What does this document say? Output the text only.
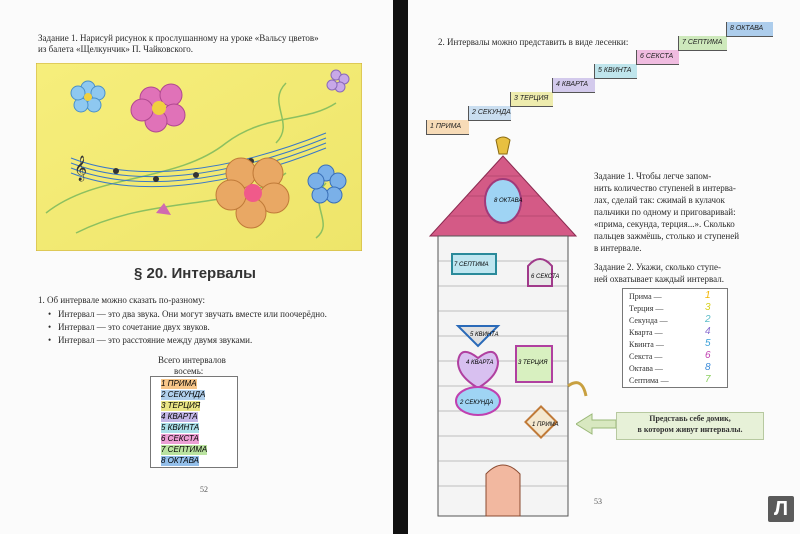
Задание 1. Нарисуй рисунок к прослушанному на уроке «Вальсу цветов»
из балета «Щелкунчик» П. Чайковского.
𝄞
§ 20. Интервалы
1. Об интервале можно сказать по-разному:
• Интервал — это два звука. Они могут звучать вместе или поочерёдно.
• Интервал — это сочетание двух звуков.
• Интервал — это расстояние между двумя звуками.
Всего интервалов
восемь:
1 ПРИМА
2 СЕКУНДА
3 ТЕРЦИЯ
4 КВАРТА
5 КВИНТА
6 СЕКСТА
7 СЕПТИМА
8 ОКТАВА
52
2. Интервалы можно представить в виде лесенки:
1 ПРИМА
2 СЕКУНДА
3 ТЕРЦИЯ
4 КВАРТА
5 КВИНТА
6 СЕКСТА
7 СЕПТИМА
8 ОКТАВА
8 ОКТАВА
7 СЕПТИМА
6 СЕКСТА
5 КВИНТА
4 КВАРТА	3 ТЕРЦИЯ
2 СЕКУНДА
1 ПРИМА
Задание 1. Чтобы легче запом-
нить количество ступеней в интерва-
лах, сделай так: сжимай в кулачок
пальчики по одному и приговаривай:
«прима, секунда, терция...». Сколько
пальцев зажмёшь, столько и ступеней
в интервале.
Задание 2. Укажи, сколько ступе-
ней охватывает каждый интервал.
Прима —	1
Терция —	3
Секунда —	2
Кварта —	4
Квинта —	5
Секста —	6
Октава —	8
Септима —	7
Представь себе домик,
в котором живут интервалы.
53	Л
